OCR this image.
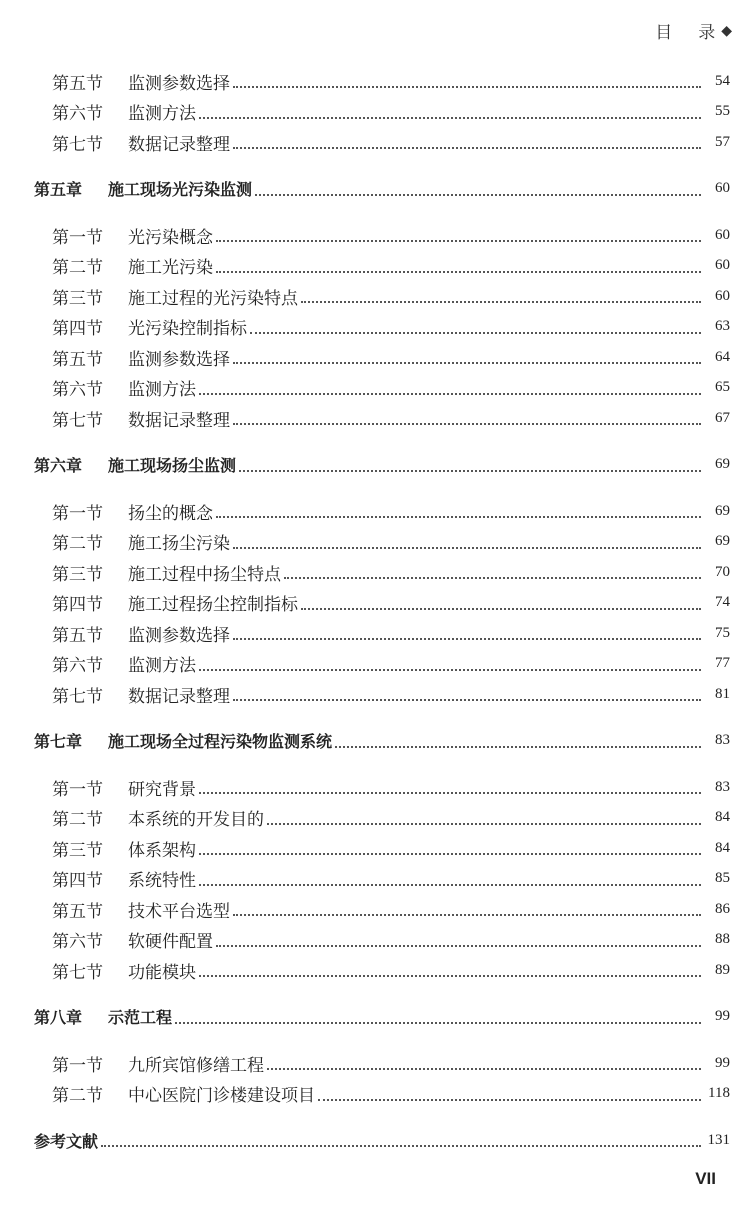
目 录 ◆
第五节	监测参数选择	54
第六节	监测方法	55
第七节	数据记录整理	57
第五章	施工现场光污染监测	60
第一节	光污染概念	60
第二节	施工光污染	60
第三节	施工过程的光污染特点	60
第四节	光污染控制指标	63
第五节	监测参数选择	64
第六节	监测方法	65
第七节	数据记录整理	67
第六章	施工现场扬尘监测	69
第一节	扬尘的概念	69
第二节	施工扬尘污染	69
第三节	施工过程中扬尘特点	70
第四节	施工过程扬尘控制指标	74
第五节	监测参数选择	75
第六节	监测方法	77
第七节	数据记录整理	81
第七章	施工现场全过程污染物监测系统	83
第一节	研究背景	83
第二节	本系统的开发目的	84
第三节	体系架构	84
第四节	系统特性	85
第五节	技术平台选型	86
第六节	软硬件配置	88
第七节	功能模块	89
第八章	示范工程	99
第一节	九所宾馆修缮工程	99
第二节	中心医院门诊楼建设项目	118
参考文献	131
VII
